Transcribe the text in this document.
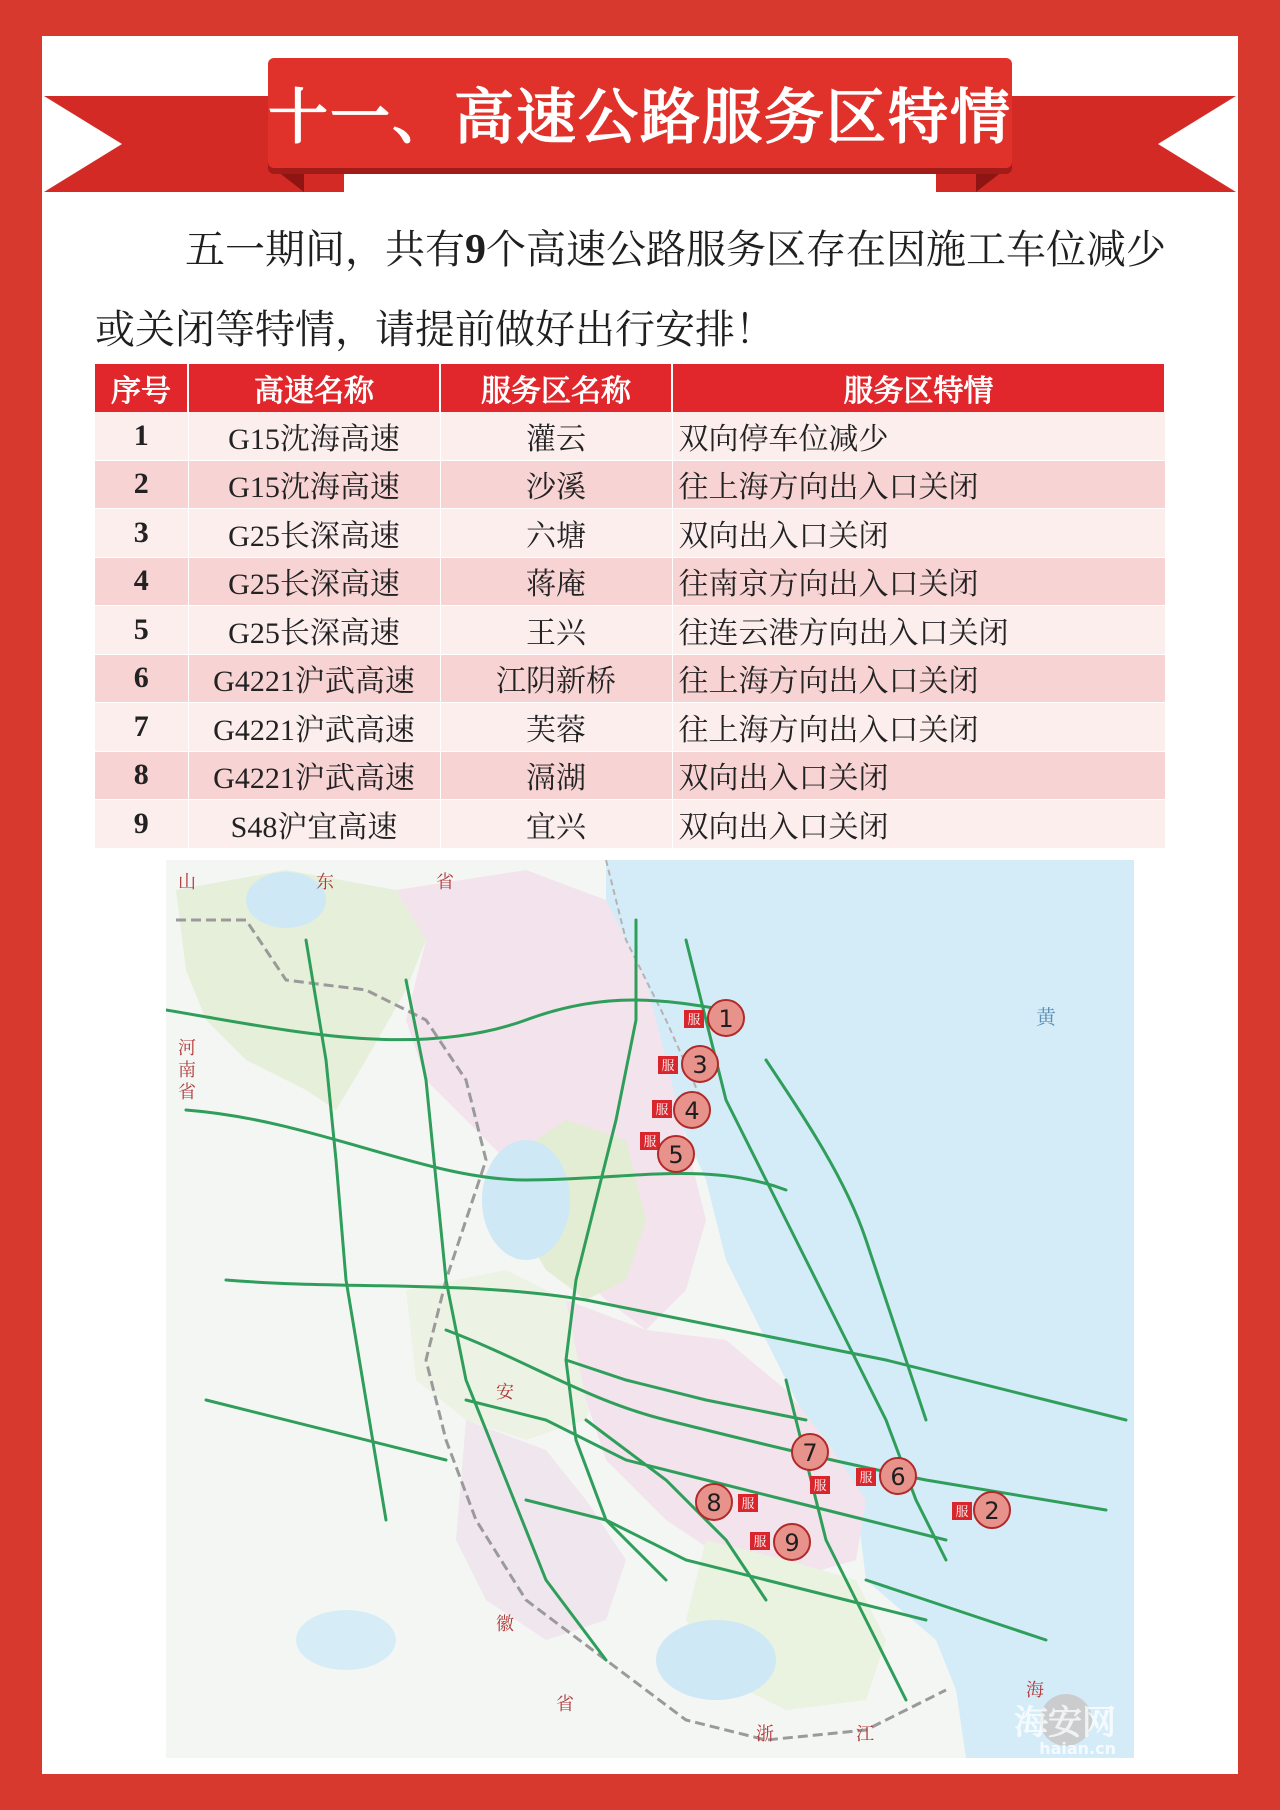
十一、高速公路服务区特情
五一期间，共有9个高速公路服务区存在因施工车位减少或关闭等特情，请提前做好出行安排！
序号	高速名称	服务区名称	服务区特情
1	G15沈海高速	灌云	双向停车位减少
2	G15沈海高速	沙溪	往上海方向出入口关闭
3	G25长深高速	六塘	双向出入口关闭
4	G25长深高速	蒋庵	往南京方向出入口关闭
5	G25长深高速	王兴	往连云港方向出入口关闭
6	G4221沪武高速	江阴新桥	往上海方向出入口关闭
7	G4221沪武高速	芙蓉	往上海方向出入口关闭
8	G4221沪武高速	滆湖	双向出入口关闭
9	S48沪宜高速	宜兴	双向出入口关闭
山	东	省
黄
河
南
省
安
徽
省
浙	江
海
服 1
服 3
服 4
服 5
7
服
服 6
8 服
服 2
服 9
海安网
haian.cn
